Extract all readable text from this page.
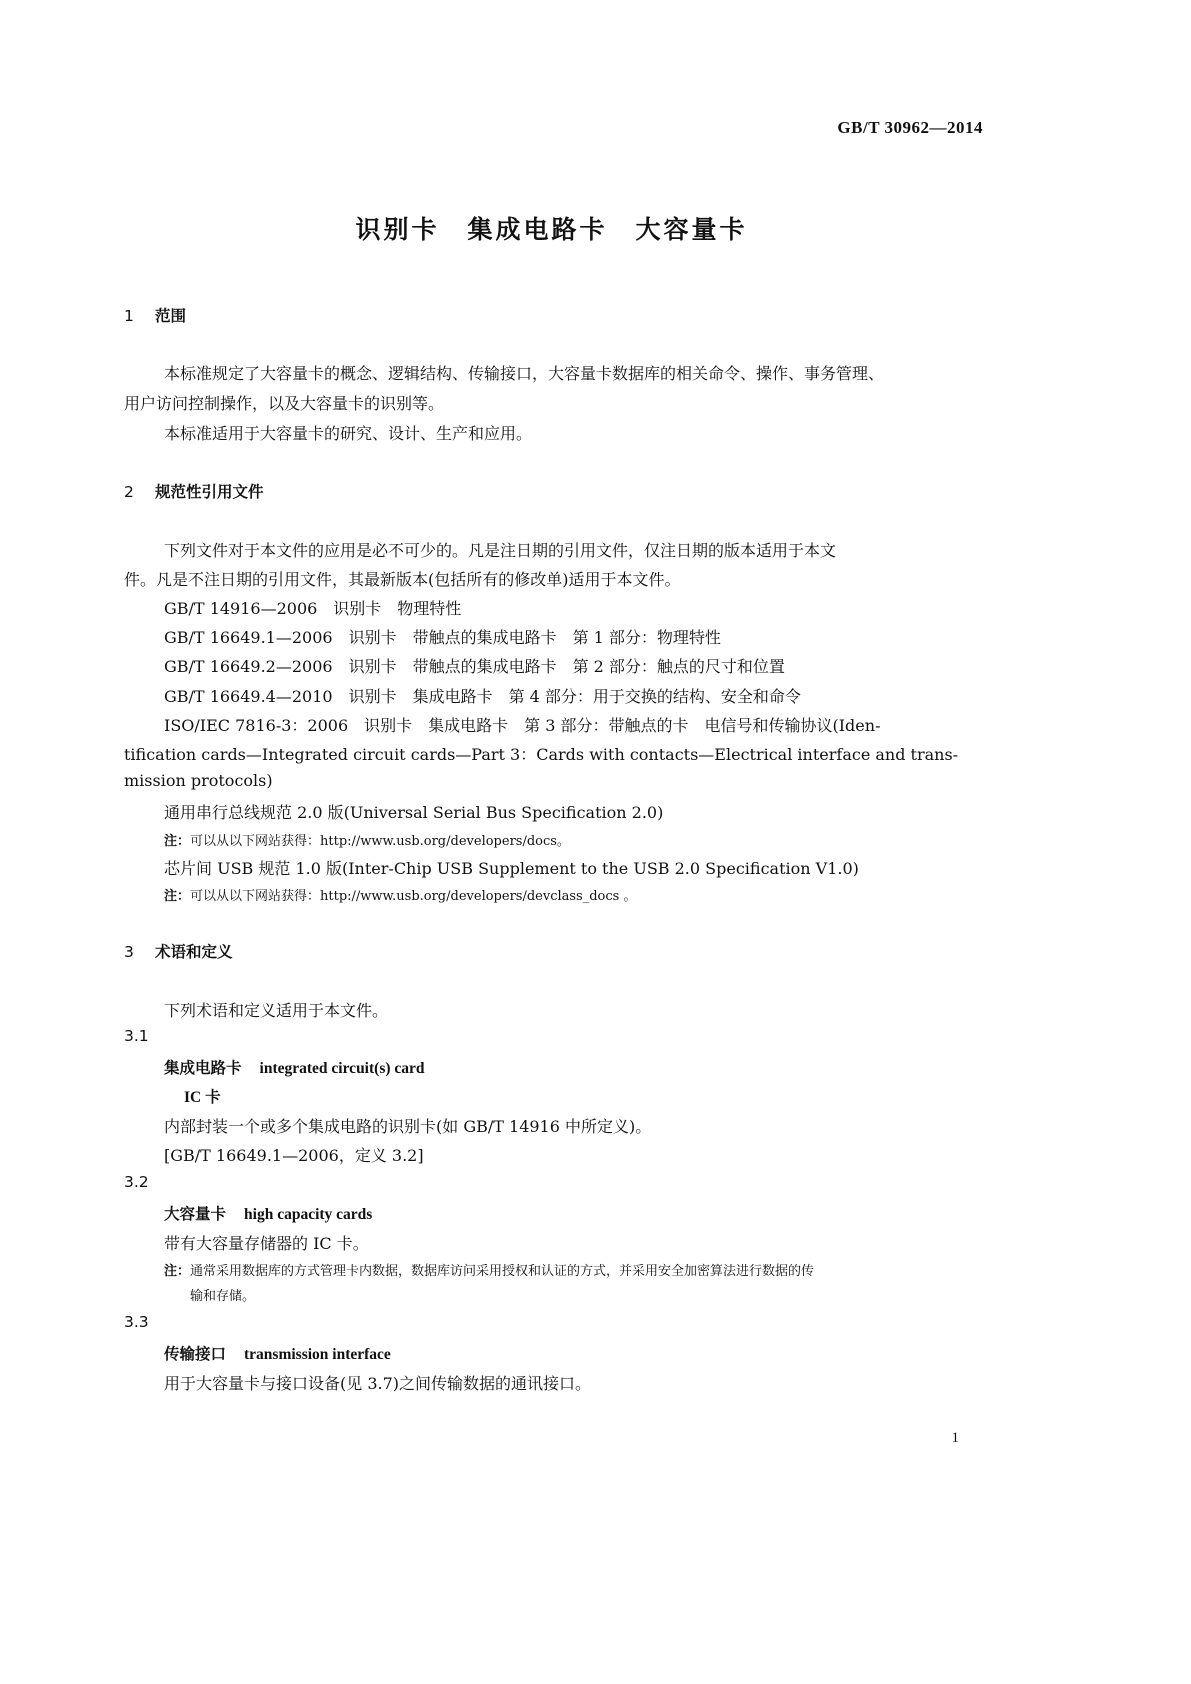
GB/T 30962—2014
识别卡　集成电路卡　大容量卡
1 范围
本标准规定了大容量卡的概念、逻辑结构、传输接口，大容量卡数据库的相关命令、操作、事务管理、
用户访问控制操作，以及大容量卡的识别等。
本标准适用于大容量卡的研究、设计、生产和应用。
2 规范性引用文件
下列文件对于本文件的应用是必不可少的。凡是注日期的引用文件，仅注日期的版本适用于本文
件。凡是不注日期的引用文件，其最新版本(包括所有的修改单)适用于本文件。
GB/T 14916—2006　识别卡　物理特性
GB/T 16649.1—2006　识别卡　带触点的集成电路卡　第 1 部分：物理特性
GB/T 16649.2—2006　识别卡　带触点的集成电路卡　第 2 部分：触点的尺寸和位置
GB/T 16649.4—2010　识别卡　集成电路卡　第 4 部分：用于交换的结构、安全和命令
ISO/IEC 7816-3：2006　识别卡　集成电路卡　第 3 部分：带触点的卡　电信号和传输协议(Iden-
tification cards—Integrated circuit cards—Part 3：Cards with contacts—Electrical interface and trans-
mission protocols)
通用串行总线规范 2.0 版(Universal Serial Bus Specification 2.0)
注：可以从以下网站获得：http://www.usb.org/developers/docs。
芯片间 USB 规范 1.0 版(Inter-Chip USB Supplement to the USB 2.0 Specification V1.0)
注：可以从以下网站获得：http://www.usb.org/developers/devclass_docs 。
3 术语和定义
下列术语和定义适用于本文件。
3.1
集成电路卡 integrated circuit(s) card
IC 卡
内部封装一个或多个集成电路的识别卡(如 GB/T 14916 中所定义)。
[GB/T 16649.1—2006，定义 3.2]
3.2
大容量卡 high capacity cards
带有大容量存储器的 IC 卡。
注：通常采用数据库的方式管理卡内数据，数据库访问采用授权和认证的方式，并采用安全加密算法进行数据的传
输和存储。
3.3
传输接口 transmission interface
用于大容量卡与接口设备(见 3.7)之间传输数据的通讯接口。
1
